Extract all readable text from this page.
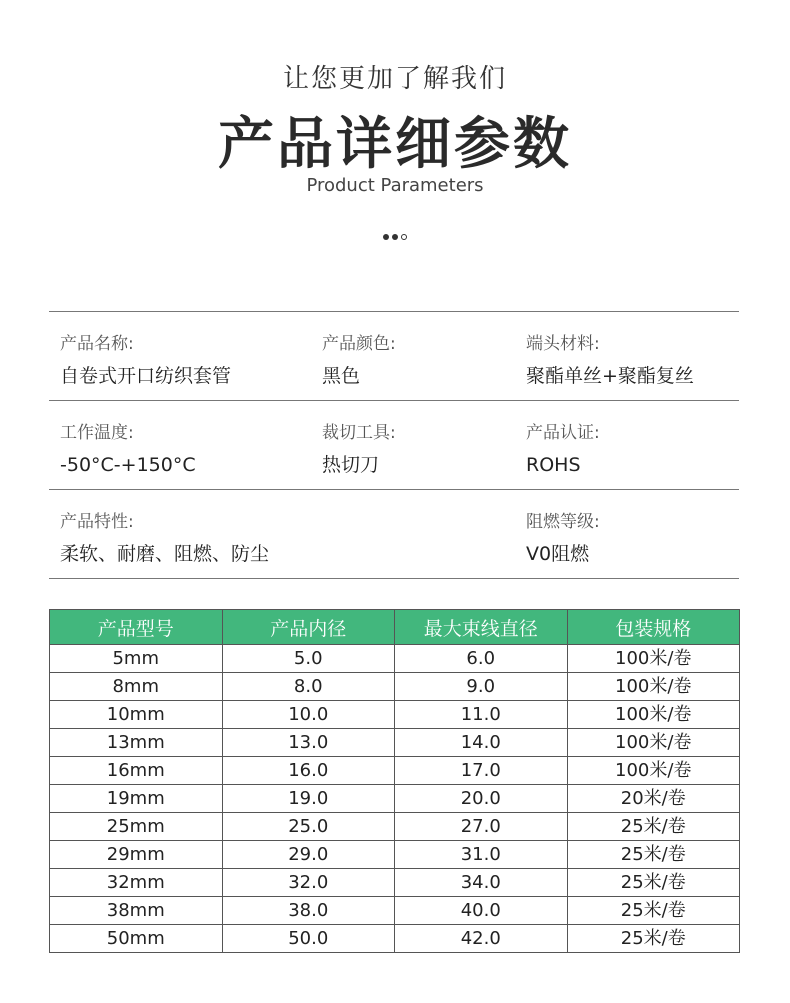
让您更加了解我们
产品详细参数
Product Parameters
产品名称:
自卷式开口纺织套管
产品颜色:
黑色
端头材料:
聚酯单丝+聚酯复丝
工作温度:
-50°C-+150°C
裁切工具:
热切刀
产品认证:
ROHS
产品特性:
柔软、耐磨、阻燃、防尘
阻燃等级:
V0阻燃
产品型号	产品内径	最大束线直径	包装规格
5mm	5.0	6.0	100米/卷
8mm	8.0	9.0	100米/卷
10mm	10.0	11.0	100米/卷
13mm	13.0	14.0	100米/卷
16mm	16.0	17.0	100米/卷
19mm	19.0	20.0	20米/卷
25mm	25.0	27.0	25米/卷
29mm	29.0	31.0	25米/卷
32mm	32.0	34.0	25米/卷
38mm	38.0	40.0	25米/卷
50mm	50.0	42.0	25米/卷
